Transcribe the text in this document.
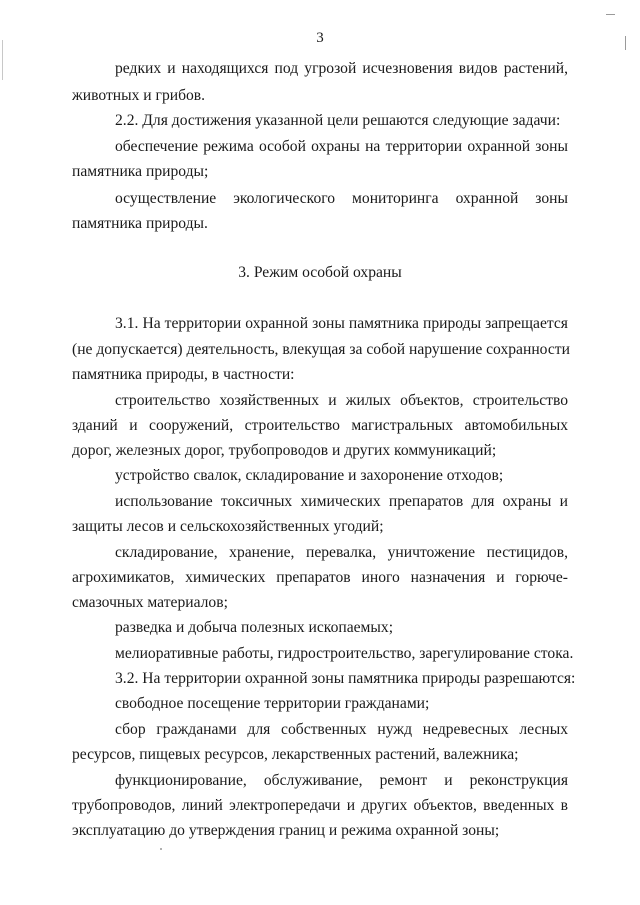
3
редких и находящихся под угрозой исчезновения видов растений,
животных и грибов.
2.2. Для достижения указанной цели решаются следующие задачи:
обеспечение режима особой охраны на территории охранной зоны
памятника природы;
осуществление экологического мониторинга охранной зоны
памятника природы.
3. Режим особой охраны
3.1. На территории охранной зоны памятника природы запрещается
(не допускается) деятельность, влекущая за собой нарушение сохранности
памятника природы, в частности:
строительство хозяйственных и жилых объектов, строительство
зданий и сооружений, строительство магистральных автомобильных
дорог, железных дорог, трубопроводов и других коммуникаций;
устройство свалок, складирование и захоронение отходов;
использование токсичных химических препаратов для охраны и
защиты лесов и сельскохозяйственных угодий;
складирование, хранение, перевалка, уничтожение пестицидов,
агрохимикатов, химических препаратов иного назначения и горюче-
смазочных материалов;
разведка и добыча полезных ископаемых;
мелиоративные работы, гидростроительство, зарегулирование стока.
3.2. На территории охранной зоны памятника природы разрешаются:
свободное посещение территории гражданами;
сбор гражданами для собственных нужд недревесных лесных
ресурсов, пищевых ресурсов, лекарственных растений, валежника;
функционирование, обслуживание, ремонт и реконструкция
трубопроводов, линий электропередачи и других объектов, введенных в
эксплуатацию до утверждения границ и режима охранной зоны;
